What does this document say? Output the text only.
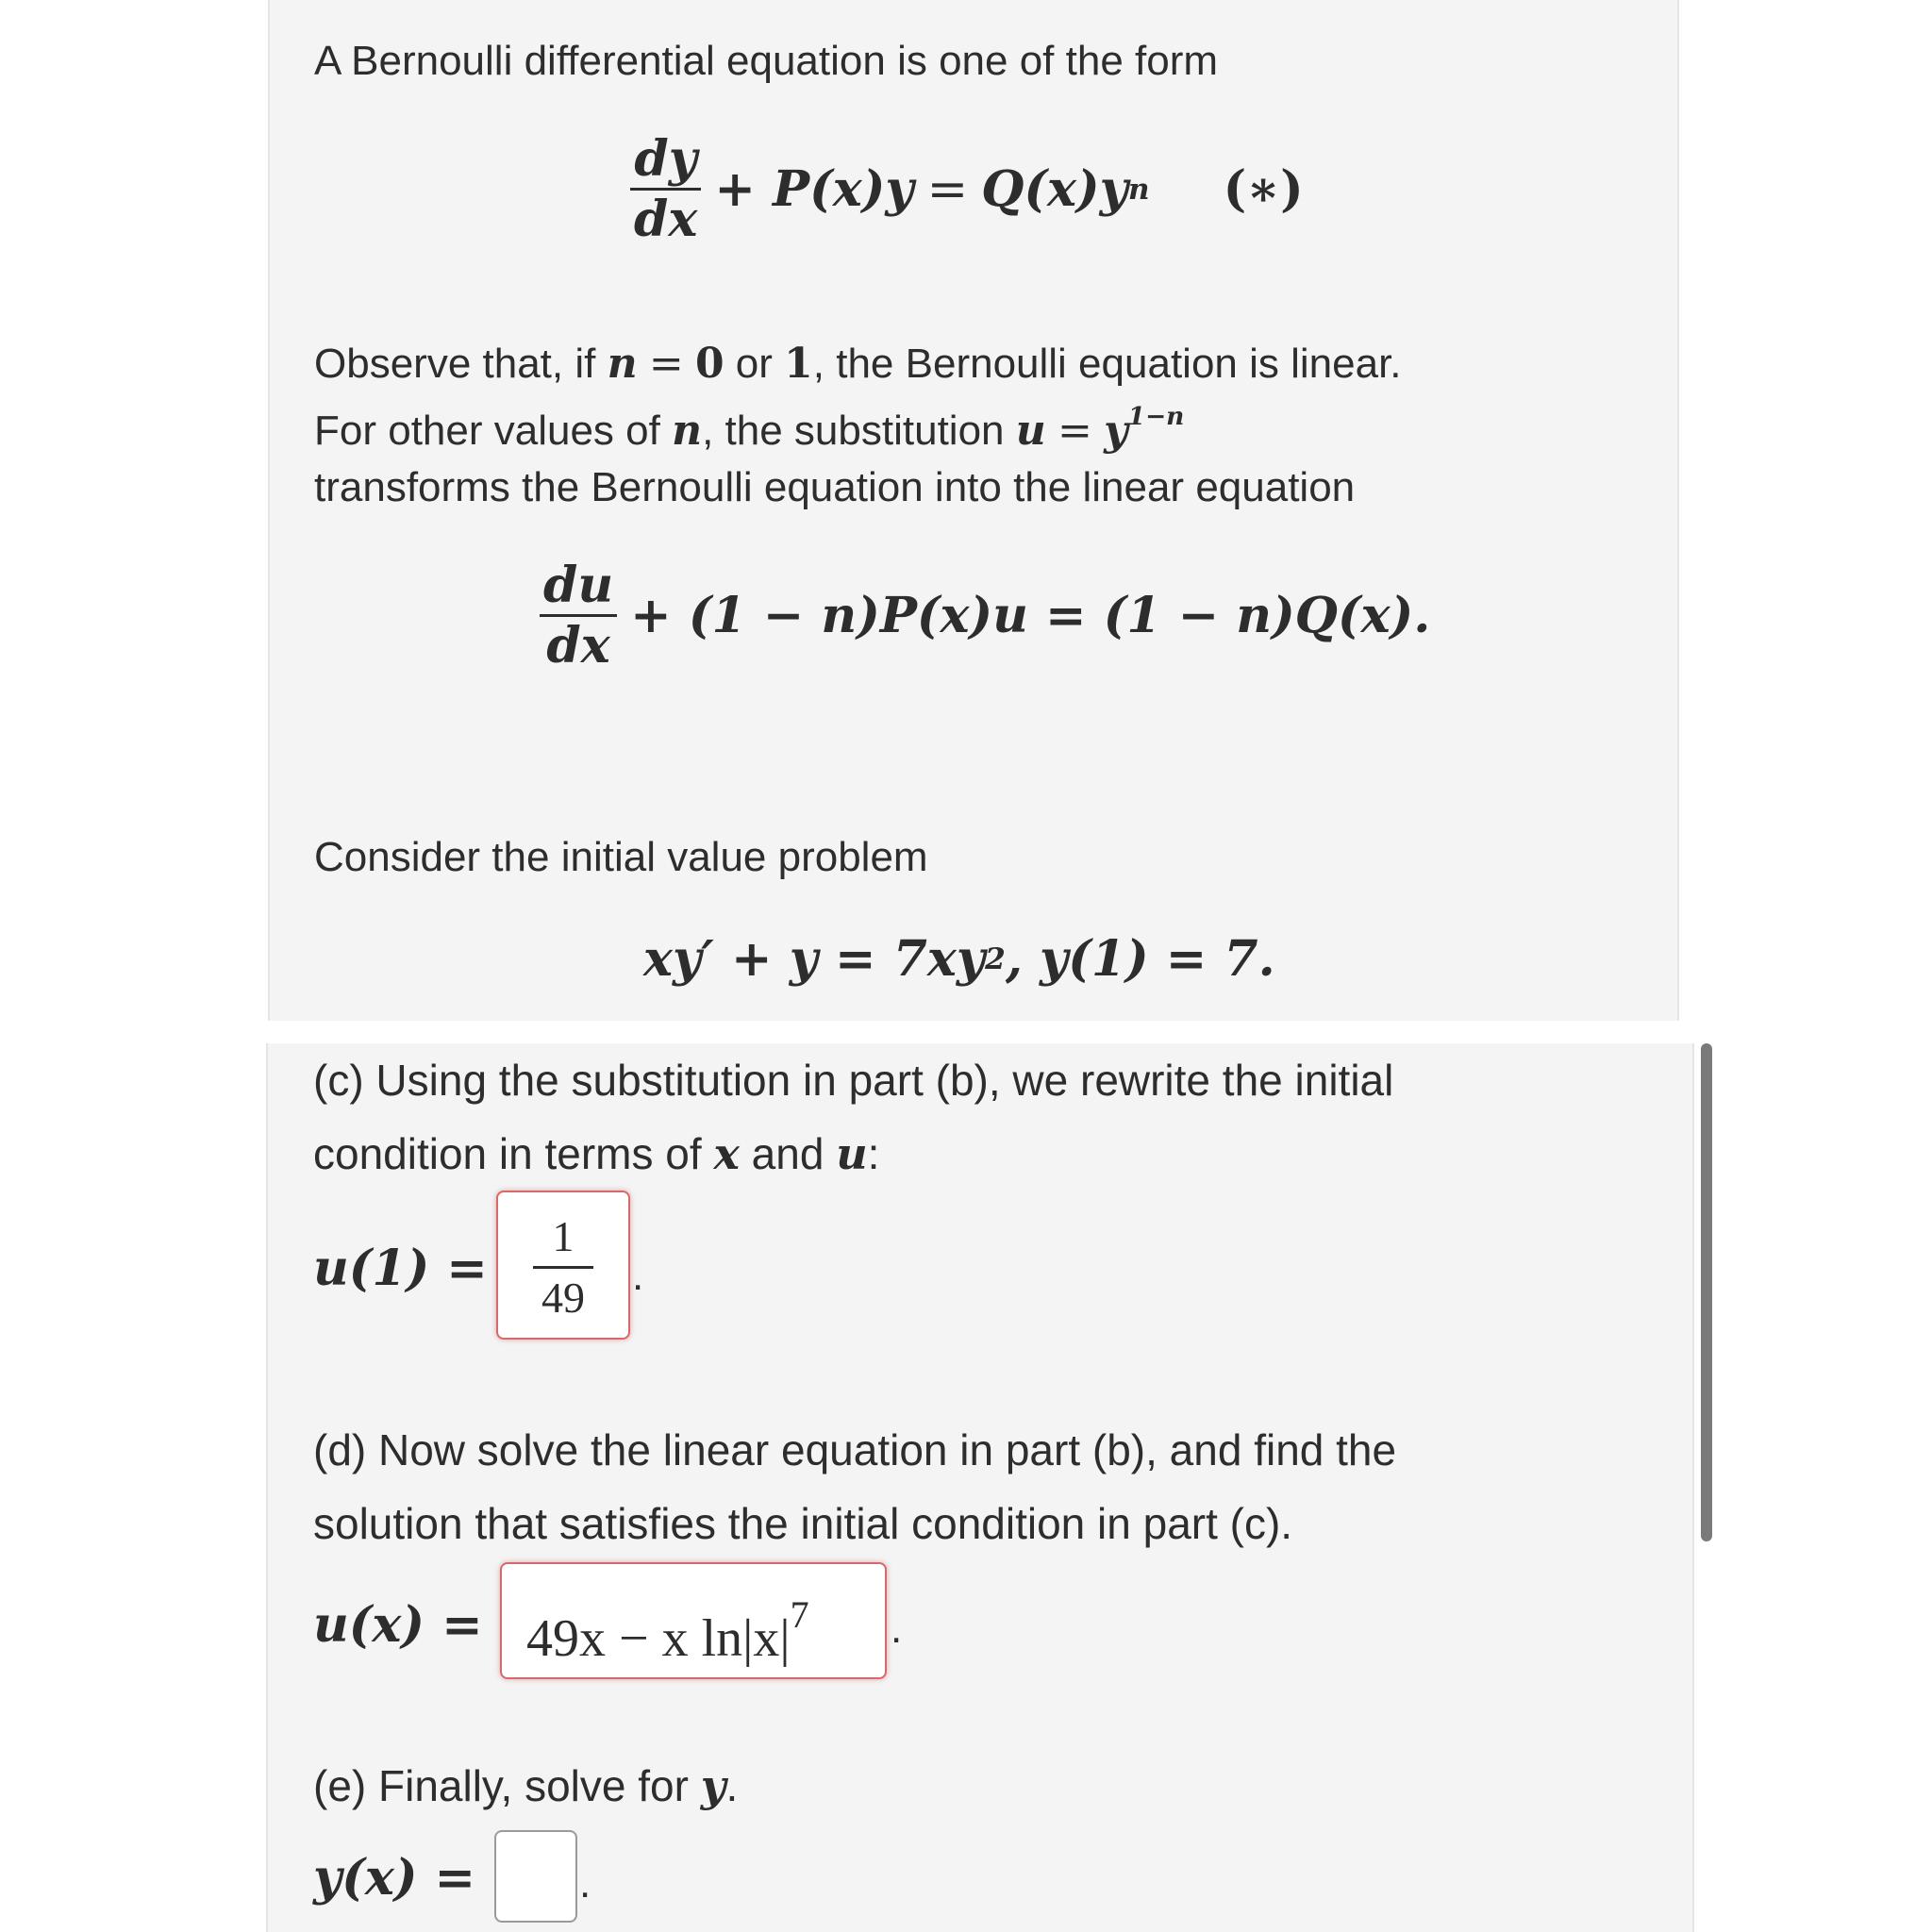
A Bernoulli differential equation is one of the form
$\frac{dy}{dx} + P(x)y = Q(x)y$ n (∗)
Observe that, if n = 0 or 1, the Bernoulli equation is linear.
For other values of n, the substitution $u = y^{1-n}$
transforms the Bernoulli equation into the linear equation
$\frac{du}{dx} + (1 - n)P(x)u = (1 - n)Q(x)$.
Consider the initial value problem
xy′ + y = 7xy 2 , y(1) = 7.
(c) Using the substitution in part (b), we rewrite the initial
condition in terms of x and u:
u(1) =
1
49 .
(d) Now solve the linear equation in part (b), and find the
solution that satisfies the initial condition in part (c).
u(x) = 49x − x ln|x|7 .
(e) Finally, solve for y.
y(x) = .
